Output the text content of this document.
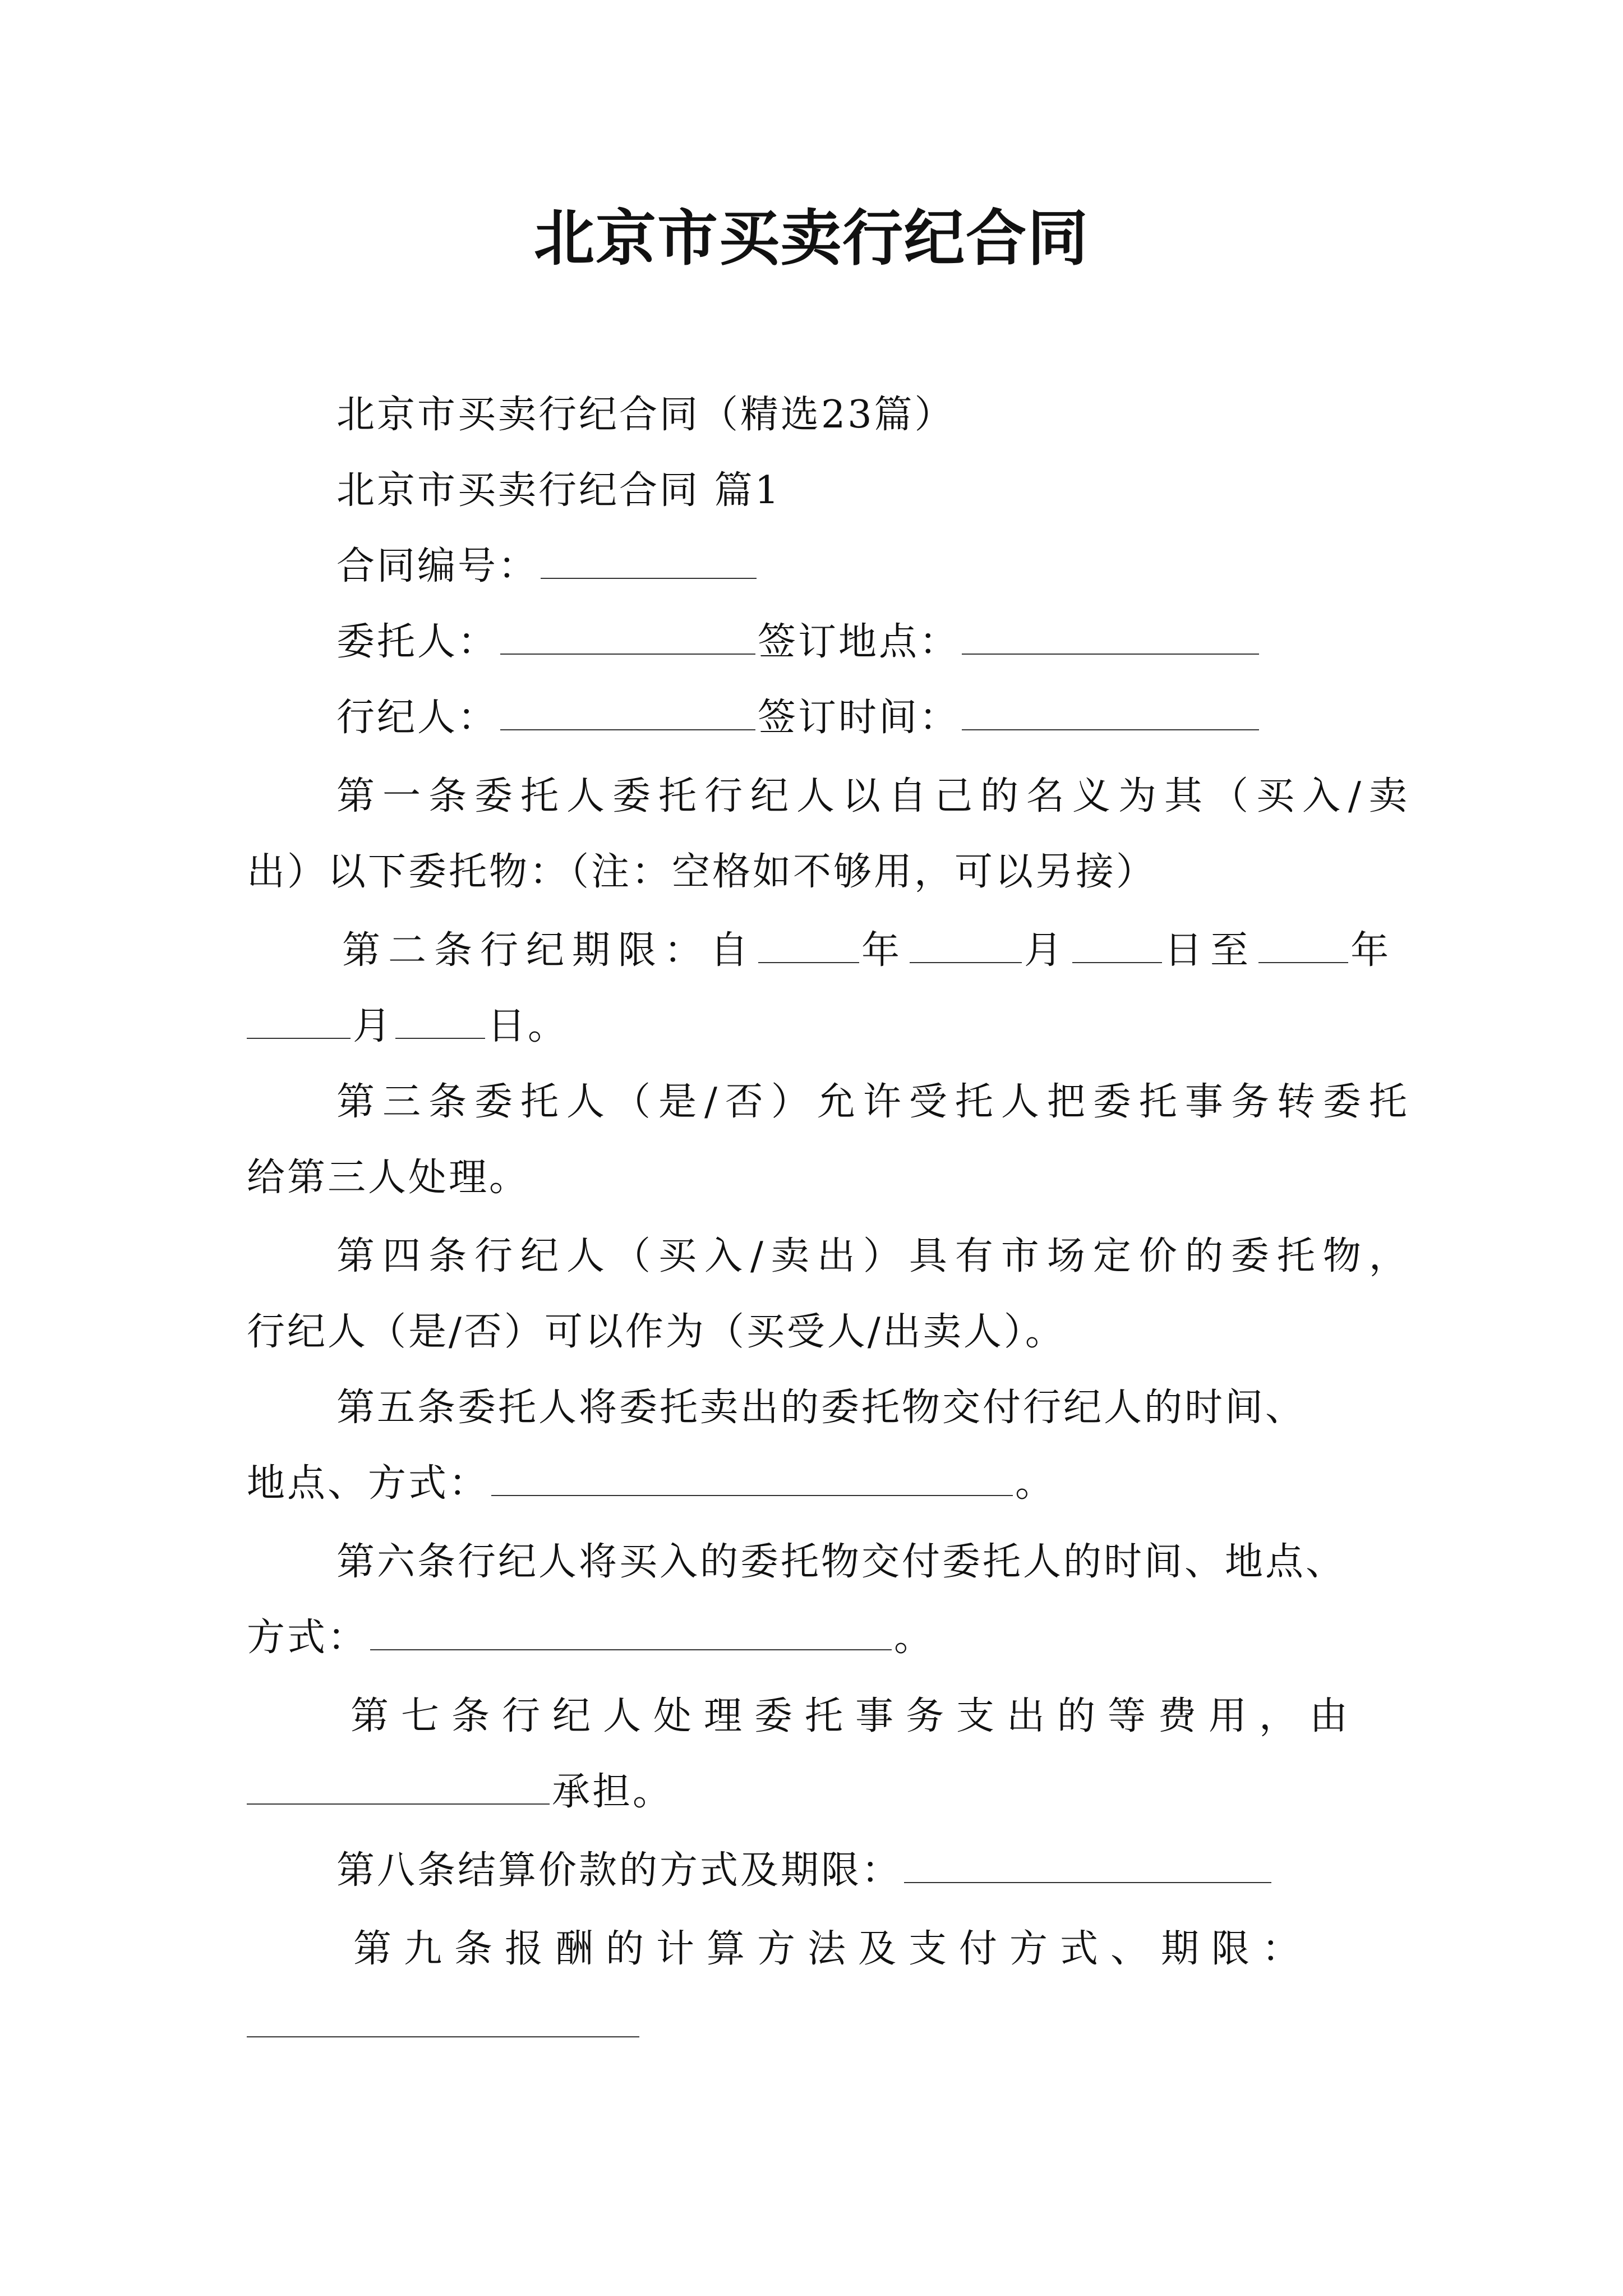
北京市买卖行纪合同
北京市买卖行纪合同（精选23篇）
北京市买卖行纪合同 篇1
合同编号：
委托人：	签订地点：
行纪人：	签订时间：
第一条委托人委托行纪人以自己的名义为其（买入/卖
出）以下委托物：（注：空格如不够用，可以另接）
第二条行纪期限：自	年	月 日至 年
月 日。
第三条委托人（是/否）允许受托人把委托事务转委托
给第三人处理。
第四条行纪人（买入/卖出）具有市场定价的委托物，
行纪人（是/否）可以作为（买受人/出卖人）。
第五条委托人将委托卖出的委托物交付行纪人的时间、
地点、方式：	。
第六条行纪人将买入的委托物交付委托人的时间、地点、
方式：	。
第七条行纪人处理委托事务支出的等费用，由
承担。
第八条结算价款的方式及期限：
第九条报酬的计算方法及支付方式、期限：
